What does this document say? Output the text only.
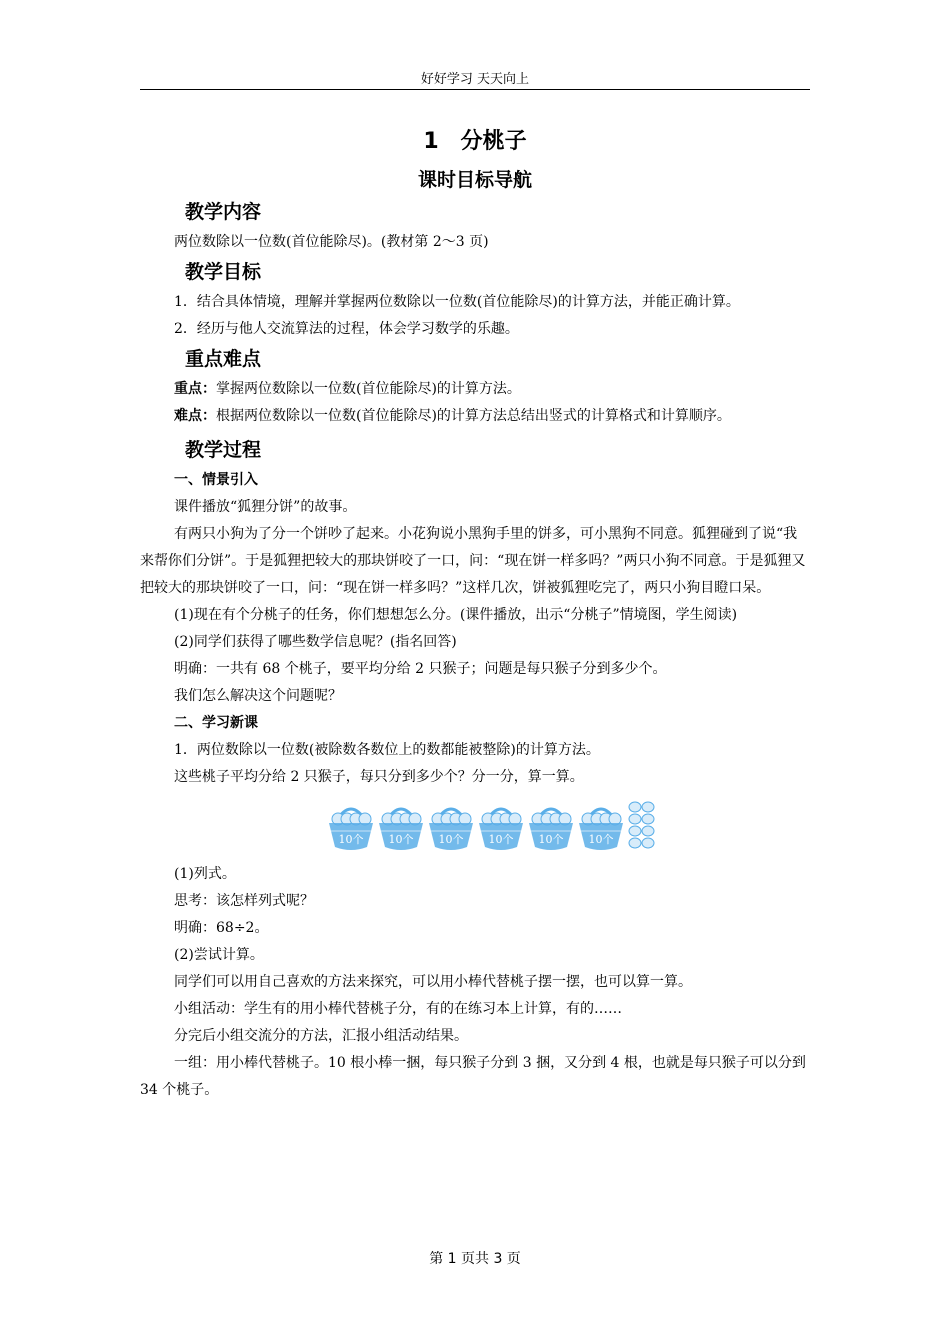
好好学习 天天向上
1　分桃子
课时目标导航
教学内容

两位数除以一位数(首位能除尽)。(教材第 2～3 页)

教学目标

1．结合具体情境，理解并掌握两位数除以一位数(首位能除尽)的计算方法，并能正确计算。

2．经历与他人交流算法的过程，体会学习数学的乐趣。

重点难点

重点：掌握两位数除以一位数(首位能除尽)的计算方法。

难点：根据两位数除以一位数(首位能除尽)的计算方法总结出竖式的计算格式和计算顺序。

教学过程
一、情景引入

课件播放“狐狸分饼”的故事。

有两只小狗为了分一个饼吵了起来。小花狗说小黑狗手里的饼多，可小黑狗不同意。狐狸碰到了说“我来帮你们分饼”。于是狐狸把较大的那块饼咬了一口，问：“现在饼一样多吗？”两只小狗不同意。于是狐狸又把较大的那块饼咬了一口，问：“现在饼一样多吗？”这样几次，饼被狐狸吃完了，两只小狗目瞪口呆。

(1)现在有个分桃子的任务，你们想想怎么分。(课件播放，出示“分桃子”情境图，学生阅读)

(2)同学们获得了哪些数学信息呢？(指名回答)

明确：一共有 68 个桃子，要平均分给 2 只猴子；问题是每只猴子分到多少个。

我们怎么解决这个问题呢？

二、学习新课

1．两位数除以一位数(被除数各数位上的数都能被整除)的计算方法。

这些桃子平均分给 2 只猴子，每只分到多少个？分一分，算一算。

10个 10个 10个 10个 10个 10个

(1)列式。

思考：该怎样列式呢？

明确：68÷2。

(2)尝试计算。

同学们可以用自己喜欢的方法来探究，可以用小棒代替桃子摆一摆，也可以算一算。

小组活动：学生有的用小棒代替桃子分，有的在练习本上计算，有的……

分完后小组交流分的方法，汇报小组活动结果。

一组：用小棒代替桃子。10 根小棒一捆，每只猴子分到 3 捆，又分到 4 根，也就是每只猴子可以分到 34 个桃子。

第 1 页共 3 页
